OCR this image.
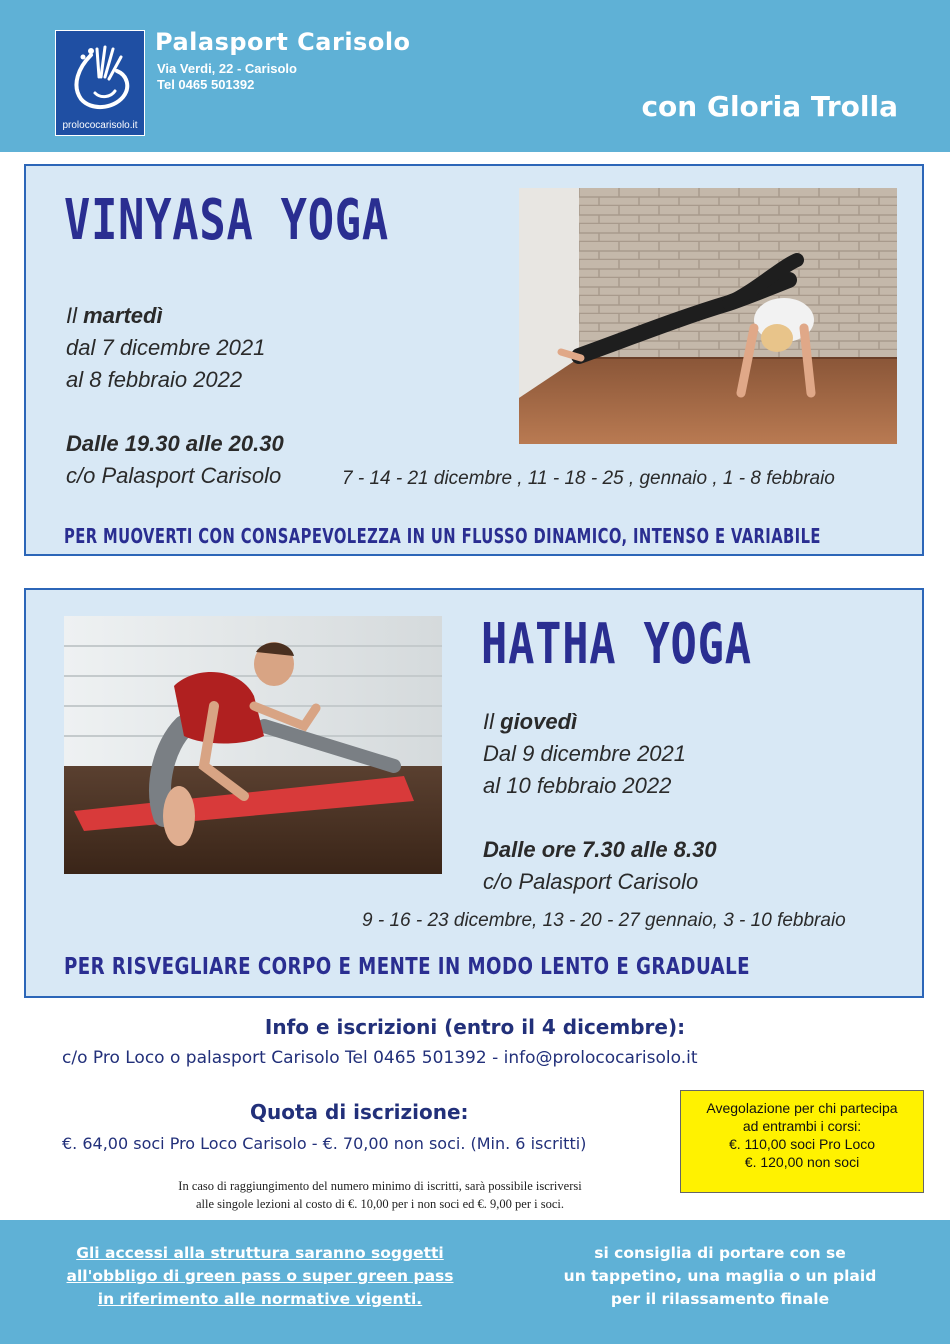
prolococarisolo.it
Palasport Carisolo
Via Verdi, 22 - Carisolo
Tel 0465 501392
con Gloria Trolla
VINYASA YOGA
Il martedì
dal 7 dicembre 2021
al 8 febbraio 2022
Dalle 19.30 alle 20.30
c/o Palasport Carisolo	7 - 14 - 21 dicembre , 11 - 18 - 25 , gennaio , 1 - 8 febbraio
PER MUOVERTI CON CONSAPEVOLEZZA IN UN FLUSSO DINAMICO, INTENSO E VARIABILE
HATHA YOGA
Il giovedì
Dal 9 dicembre 2021
al 10 febbraio 2022
Dalle ore 7.30 alle 8.30
c/o Palasport Carisolo
9 - 16 - 23 dicembre, 13 - 20 - 27 gennaio, 3 - 10 febbraio
PER RISVEGLIARE CORPO E MENTE IN MODO LENTO E GRADUALE
Info e iscrizioni (entro il 4 dicembre):
c/o Pro Loco o palasport Carisolo Tel 0465 501392 - info@prolococarisolo.it
Quota di iscrizione:
€. 64,00 soci Pro Loco Carisolo - €. 70,00 non soci. (Min. 6 iscritti)
In caso di raggiungimento del numero minimo di iscritti, sarà possibile iscriversi
alle singole lezioni al costo di €. 10,00 per i non soci ed €. 9,00 per i soci.
Avegolazione per chi partecipa
ad entrambi i corsi:
€. 110,00 soci Pro Loco
€. 120,00 non soci
Gli accessi alla struttura saranno soggetti
all'obbligo di green pass o super green pass
in riferimento alle normative vigenti.
si consiglia di portare con se
un tappetino, una maglia o un plaid
per il rilassamento finale
